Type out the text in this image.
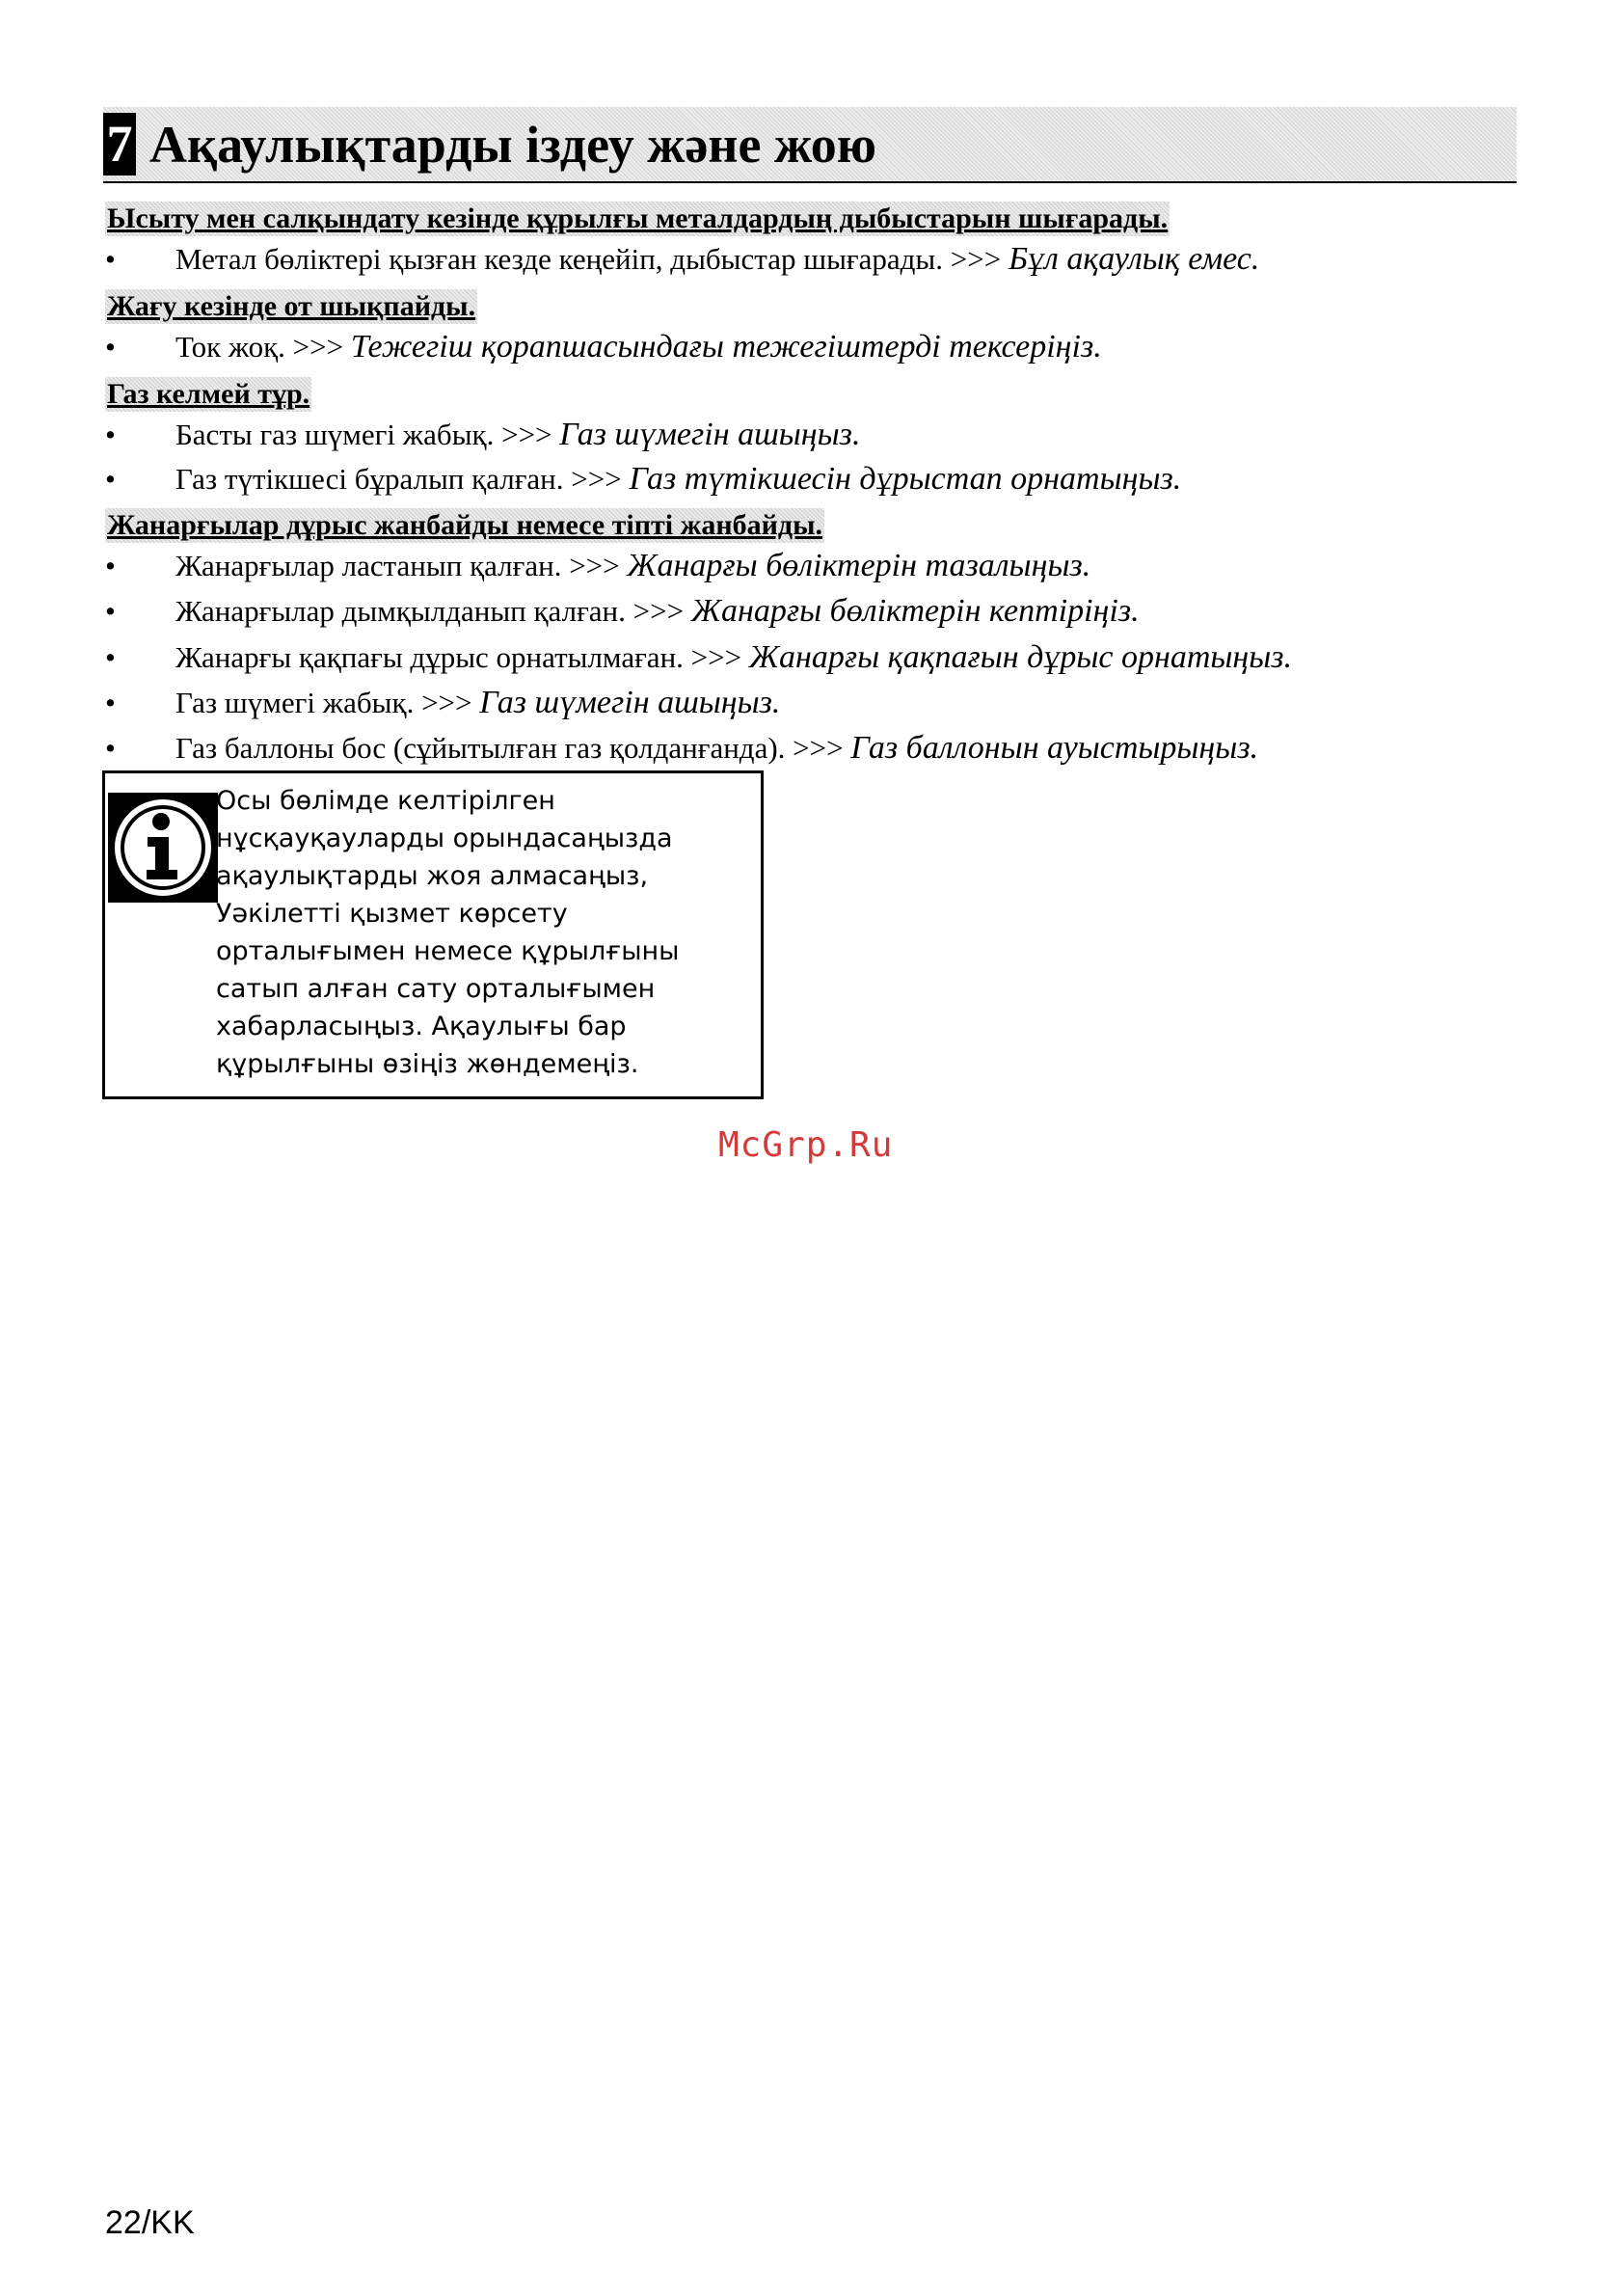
7 Ақаулықтарды іздеу және жою
Ысыту мен салқындату кезінде құрылғы металдардың дыбыстарын шығарады.
• Метал бөліктері қызған кезде кеңейіп, дыбыстар шығарады. >>> Бұл ақаулық емес.
Жағу кезінде от шықпайды.
• Ток жоқ. >>> Тежегіш қорапшасындағы тежегіштерді тексеріңіз.
Газ келмей тұр.
• Басты газ шүмегі жабық. >>> Газ шүмегін ашыңыз.
• Газ түтікшесі бұралып қалған. >>> Газ түтікшесін дұрыстап орнатыңыз.
Жанарғылар дұрыс жанбайды немесе тіпті жанбайды.
• Жанарғылар ластанып қалған. >>> Жанарғы бөліктерін тазалыңыз.
• Жанарғылар дымқылданып қалған. >>> Жанарғы бөліктерін кептіріңіз.
• Жанарғы қақпағы дұрыс орнатылмаған. >>> Жанарғы қақпағын дұрыс орнатыңыз.
• Газ шүмегі жабық. >>> Газ шүмегін ашыңыз.
• Газ баллоны бос (сұйытылған газ қолданғанда). >>> Газ баллонын ауыстырыңыз.
Осы бөлімде келтірілген
нұсқауқауларды орындасаңызда
ақаулықтарды жоя алмасаңыз,
Уәкілетті қызмет көрсету
орталығымен немесе құрылғыны
сатып алған сату орталығымен
хабарласыңыз. Ақаулығы бар
құрылғыны өзіңіз жөндемеңіз.
McGrp.Ru
22/KK
